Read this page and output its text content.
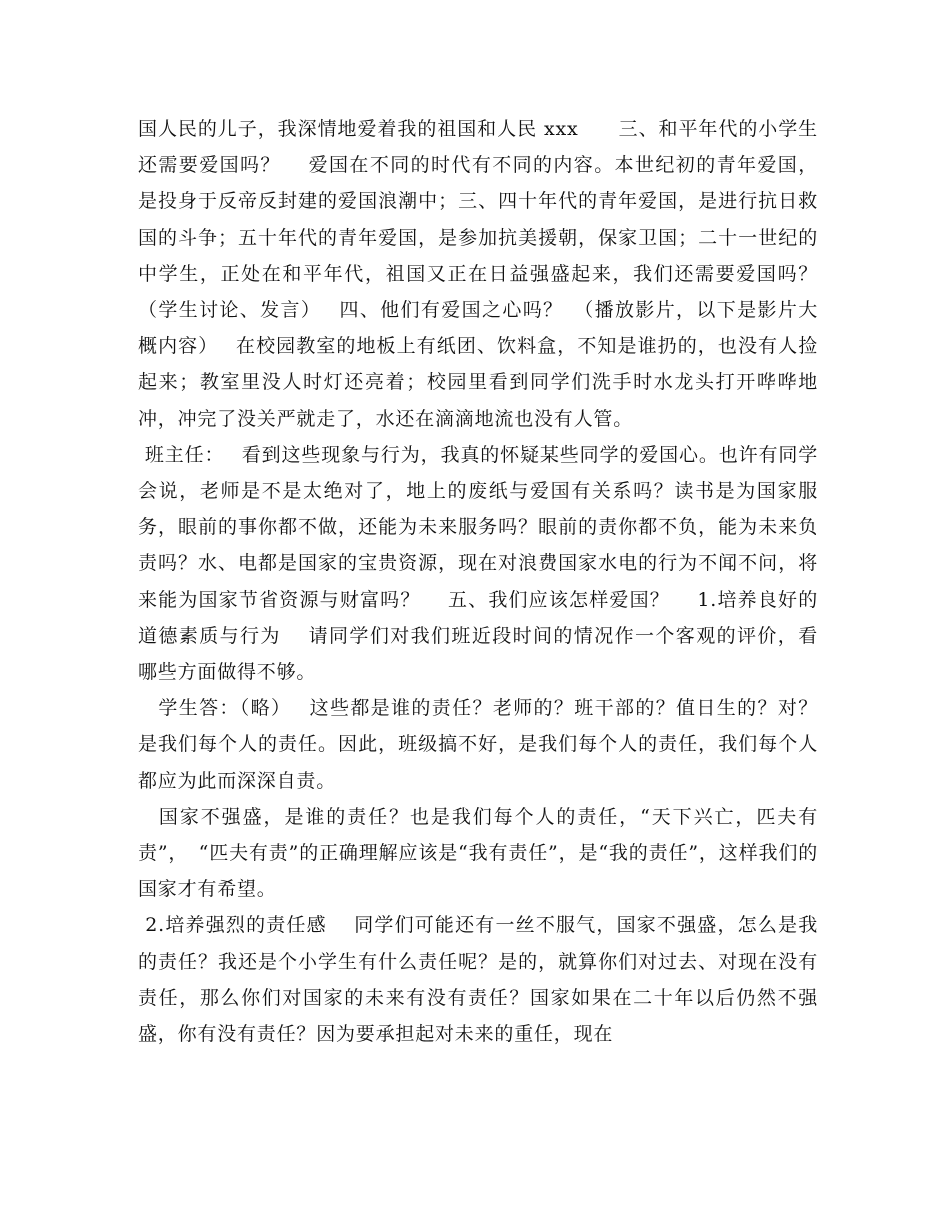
国人民的儿子，我深情地爱着我的祖国和人民 xxx　　三、和平年代的小学生还需要爱国吗？　 爱国在不同的时代有不同的内容。本世纪初的青年爱国，是投身于反帝反封建的爱国浪潮中；三、四十年代的青年爱国，是进行抗日救国的斗争；五十年代的青年爱国，是参加抗美援朝，保家卫国；二十一世纪的中学生，正处在和平年代，祖国又正在日益强盛起来，我们还需要爱国吗？　 （学生讨论、发言）　 四、他们有爱国之心吗？　（播放影片，以下是影片大概内容）　 在校园教室的地板上有纸团、饮料盒，不知是谁扔的，也没有人捡起来；教室里没人时灯还亮着；校园里看到同学们洗手时水龙头打开哗哗地冲，冲完了没关严就走了，水还在滴滴地流也没有人管。

班主任：　 看到这些现象与行为，我真的怀疑某些同学的爱国心。也许有同学会说，老师是不是太绝对了，地上的废纸与爱国有关系吗？读书是为国家服务，眼前的事你都不做，还能为未来服务吗？眼前的责你都不负，能为未来负责吗？水、电都是国家的宝贵资源，现在对浪费国家水电的行为不闻不问，将来能为国家节省资源与财富吗？　 五、我们应该怎样爱国？　 1.培养良好的道德素质与行为　 请同学们对我们班近段时间的情况作一个客观的评价，看哪些方面做得不够。

　学生答：（略）　 这些都是谁的责任？老师的？班干部的？值日生的？对？是我们每个人的责任。因此，班级搞不好，是我们每个人的责任，我们每个人都应为此而深深自责。

　国家不强盛，是谁的责任？也是我们每个人的责任，“天下兴亡，匹夫有责”，　“匹夫有责”的正确理解应该是“我有责任”，是“我的责任”，这样我们的国家才有希望。

2.培养强烈的责任感　 同学们可能还有一丝不服气，国家不强盛，怎么是我的责任？我还是个小学生有什么责任呢？是的，就算你们对过去、对现在没有责任，那么你们对国家的未来有没有责任？国家如果在二十年以后仍然不强盛，你有没有责任？因为要承担起对未来的重任，现在
